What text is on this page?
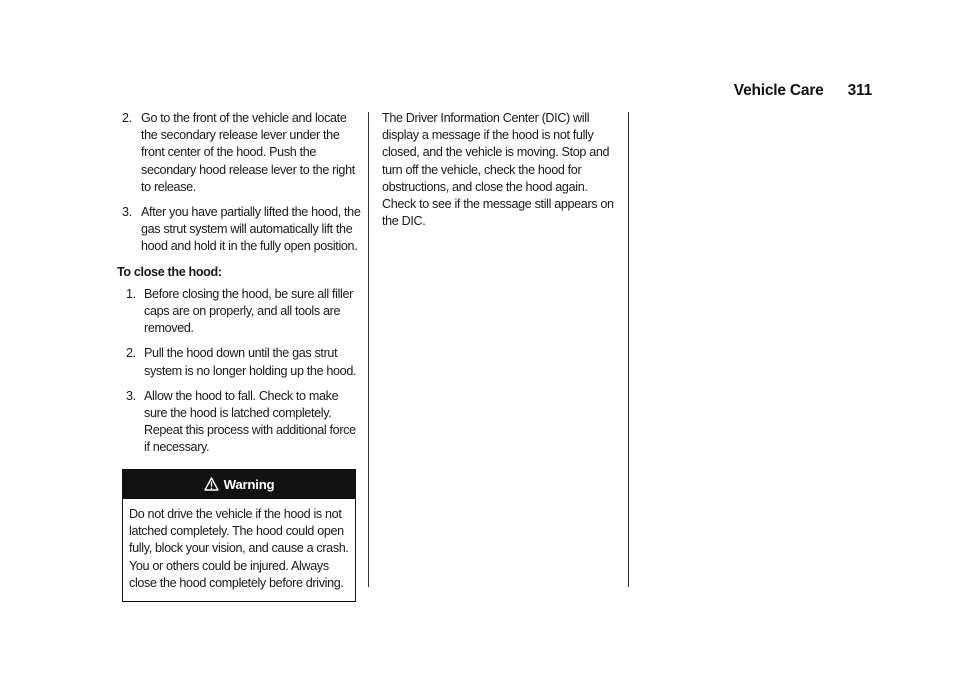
Vehicle Care 311
2. Go to the front of the vehicle and locate the secondary release lever under the front center of the hood. Push the secondary hood release lever to the right to release.
3. After you have partially lifted the hood, the gas strut system will automatically lift the hood and hold it in the fully open position.
To close the hood:
1. Before closing the hood, be sure all filler caps are on properly, and all tools are removed.
2. Pull the hood down until the gas strut system is no longer holding up the hood.
3. Allow the hood to fall. Check to make sure the hood is latched completely. Repeat this process with additional force if necessary.
Warning
Do not drive the vehicle if the hood is not latched completely. The hood could open fully, block your vision, and cause a crash. You or others could be injured. Always close the hood completely before driving.

The Driver Information Center (DIC) will display a message if the hood is not fully closed, and the vehicle is moving. Stop and turn off the vehicle, check the hood for obstructions, and close the hood again. Check to see if the message still appears on the DIC.
